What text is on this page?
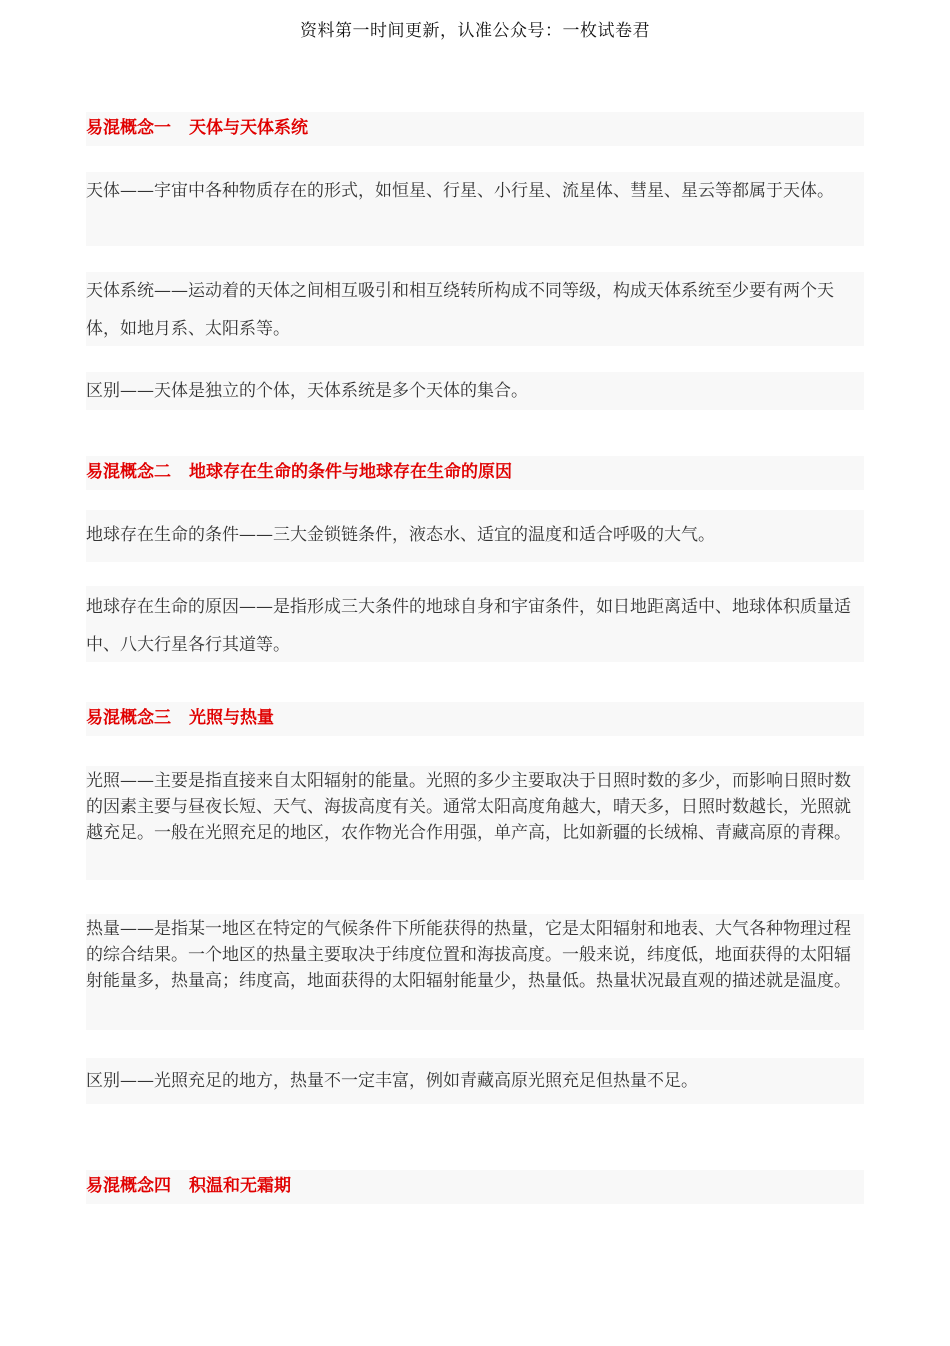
资料第一时间更新，认准公众号：一枚试卷君
易混概念一 天体与天体系统
天体——宇宙中各种物质存在的形式，如恒星、行星、小行星、流星体、彗星、星云等都属于天体。
天体系统——运动着的天体之间相互吸引和相互绕转所构成不同等级，构成天体系统至少要有两个天体，如地月系、太阳系等。
区别——天体是独立的个体，天体系统是多个天体的集合。
易混概念二 地球存在生命的条件与地球存在生命的原因
地球存在生命的条件——三大金锁链条件，液态水、适宜的温度和适合呼吸的大气。
地球存在生命的原因——是指形成三大条件的地球自身和宇宙条件，如日地距离适中、地球体积质量适中、八大行星各行其道等。
易混概念三 光照与热量
光照——主要是指直接来自太阳辐射的能量。光照的多少主要取决于日照时数的多少，而影响日照时数的因素主要与昼夜长短、天气、海拔高度有关。通常太阳高度角越大，晴天多，日照时数越长，光照就越充足。一般在光照充足的地区，农作物光合作用强，单产高，比如新疆的长绒棉、青藏高原的青稞。
热量——是指某一地区在特定的气候条件下所能获得的热量，它是太阳辐射和地表、大气各种物理过程的综合结果。一个地区的热量主要取决于纬度位置和海拔高度。一般来说，纬度低，地面获得的太阳辐射能量多，热量高；纬度高，地面获得的太阳辐射能量少，热量低。热量状况最直观的描述就是温度。
区别——光照充足的地方，热量不一定丰富，例如青藏高原光照充足但热量不足。
易混概念四 积温和无霜期
